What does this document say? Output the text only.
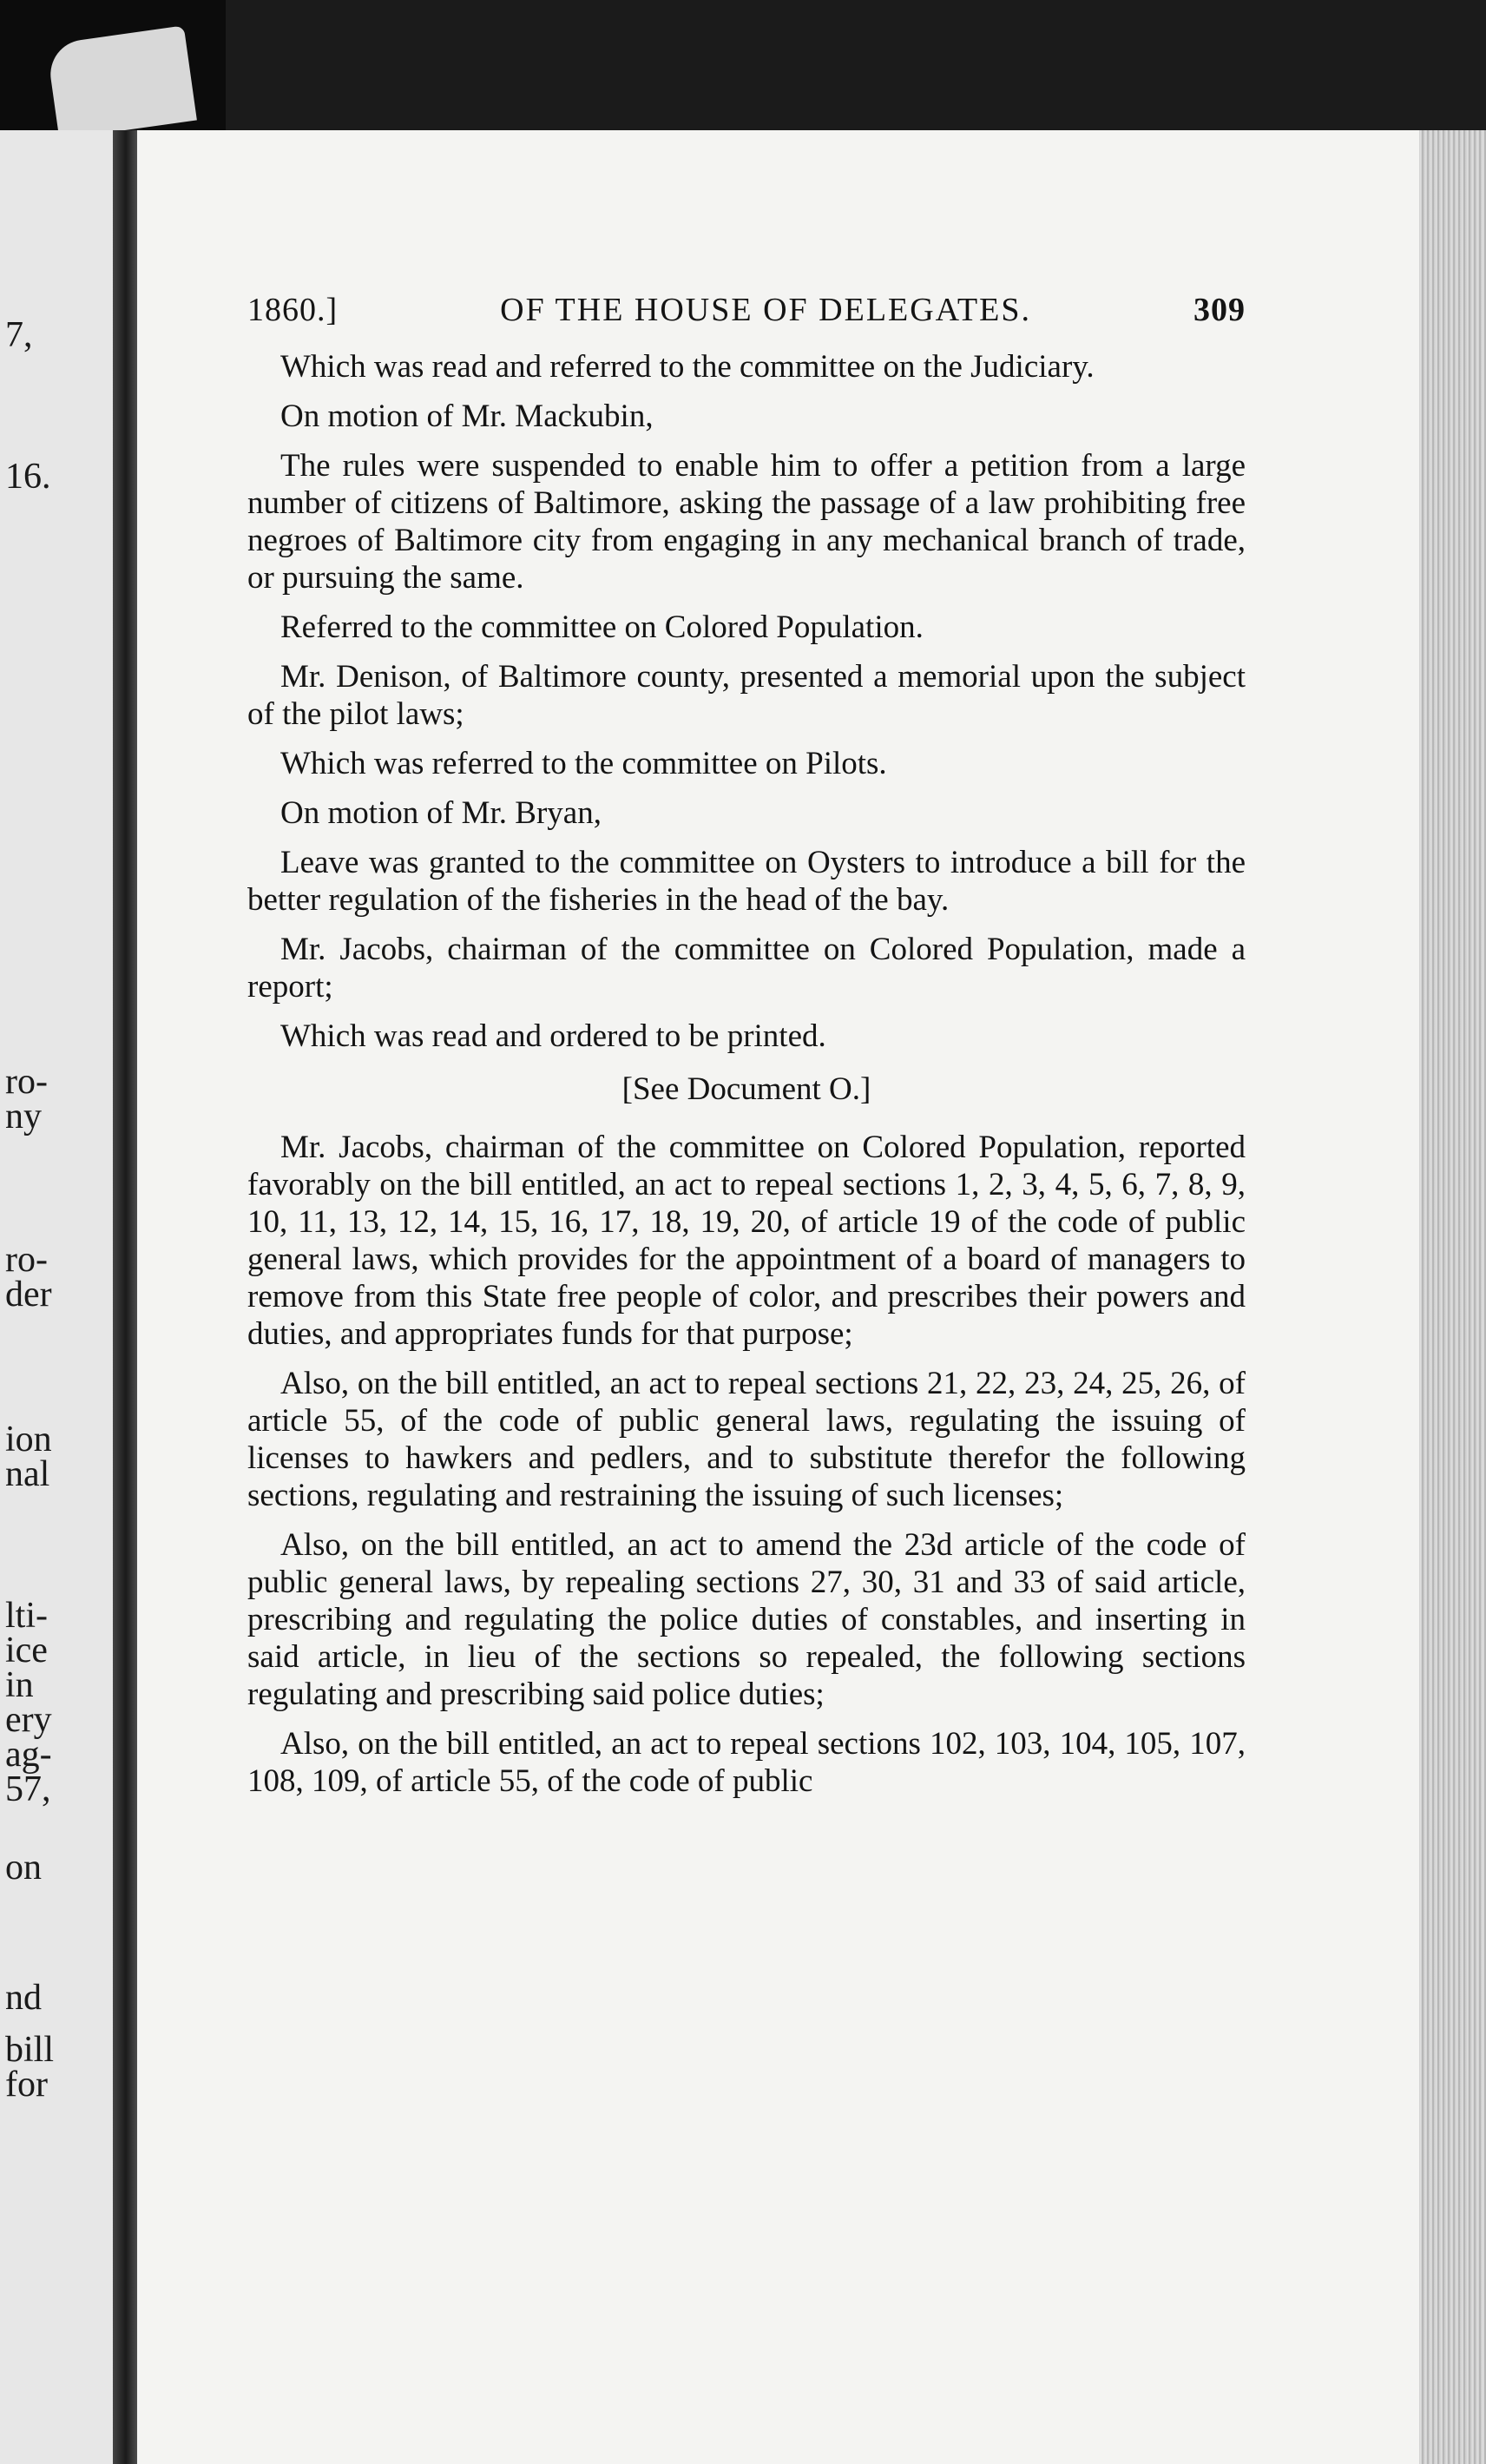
7,
16.
ro-
ny
ro-
der
ion
nal
lti-
ice
in
ery
ag-
57,
on
nd
bill
for
1860.]	OF THE HOUSE OF DELEGATES.	309

Which was read and referred to the committee on the Judiciary.

On motion of Mr. Mackubin,

The rules were suspended to enable him to offer a petition from a large number of citizens of Baltimore, asking the passage of a law prohibiting free negroes of Baltimore city from engaging in any mechanical branch of trade, or pursuing the same.

Referred to the committee on Colored Population.

Mr. Denison, of Baltimore county, presented a memorial upon the subject of the pilot laws;

Which was referred to the committee on Pilots.

On motion of Mr. Bryan,

Leave was granted to the committee on Oysters to introduce a bill for the better regulation of the fisheries in the head of the bay.

Mr. Jacobs, chairman of the committee on Colored Population, made a report;

Which was read and ordered to be printed.

[See Document O.]

Mr. Jacobs, chairman of the committee on Colored Population, reported favorably on the bill entitled, an act to repeal sections 1, 2, 3, 4, 5, 6, 7, 8, 9, 10, 11, 13, 12, 14, 15, 16, 17, 18, 19, 20, of article 19 of the code of public general laws, which provides for the appointment of a board of managers to remove from this State free people of color, and prescribes their powers and duties, and appropriates funds for that purpose;

Also, on the bill entitled, an act to repeal sections 21, 22, 23, 24, 25, 26, of article 55, of the code of public general laws, regulating the issuing of licenses to hawkers and pedlers, and to substitute therefor the following sections, regulating and restraining the issuing of such licenses;

Also, on the bill entitled, an act to amend the 23d article of the code of public general laws, by repealing sections 27, 30, 31 and 33 of said article, prescribing and regulating the police duties of constables, and inserting in said article, in lieu of the sections so repealed, the following sections regulating and prescribing said police duties;

Also, on the bill entitled, an act to repeal sections 102, 103, 104, 105, 107, 108, 109, of article 55, of the code of public
